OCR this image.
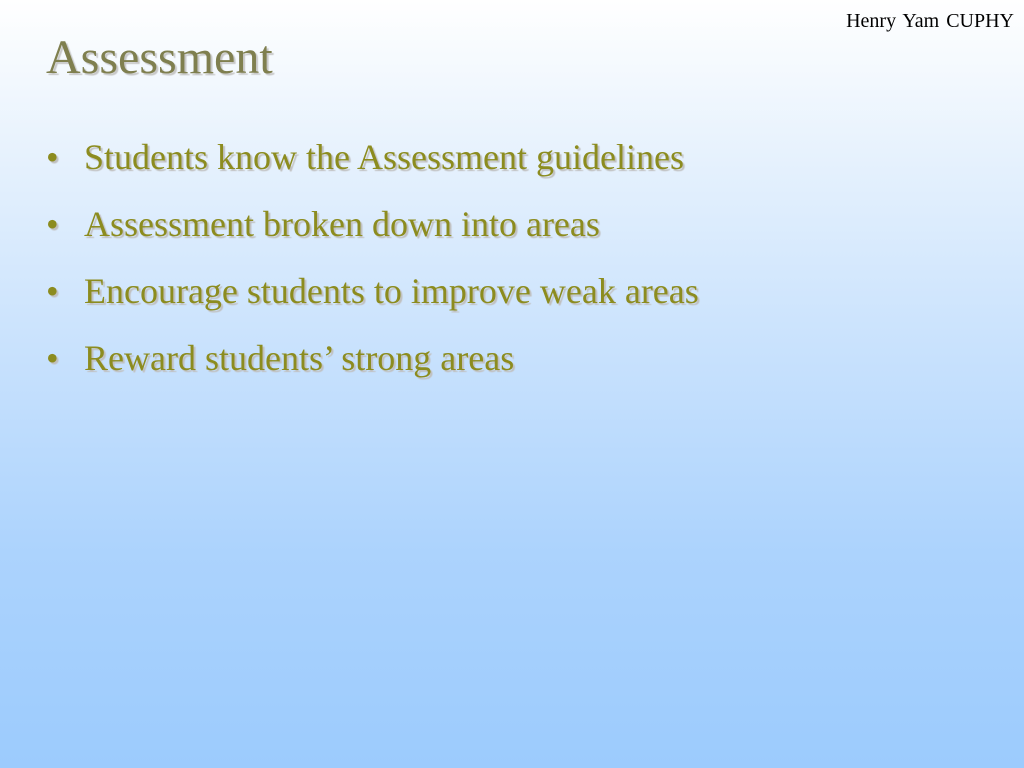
Henry Yam CUPHY
Assessment
• Students know the Assessment guidelines
• Assessment broken down into areas
• Encourage students to improve weak areas
• Reward students’ strong areas
